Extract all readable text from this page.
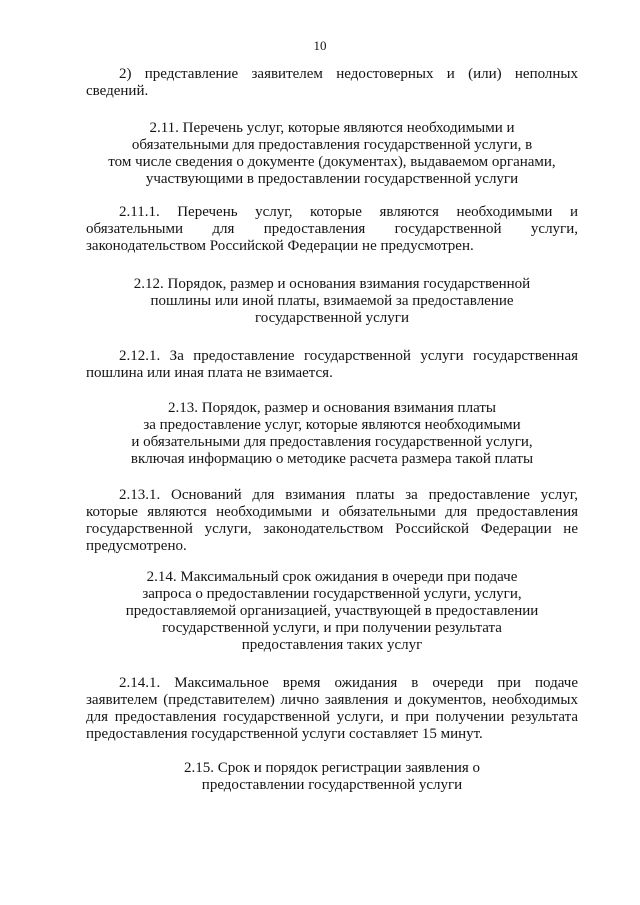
10

2) представление заявителем недостоверных и (или) неполных
сведений.

2.11. Перечень услуг, которые являются необходимыми и
обязательными для предоставления государственной услуги, в
том числе сведения о документе (документах), выдаваемом органами,
участвующими в предоставлении государственной услуги
2.11.1. Перечень услуг, которые являются необходимыми и
обязательными для предоставления государственной услуги,
законодательством Российской Федерации не предусмотрен.
2.12. Порядок, размер и основания взимания государственной
пошлины или иной платы, взимаемой за предоставление
государственной услуги
2.12.1. За предоставление государственной услуги государственная
пошлина или иная плата не взимается.
2.13. Порядок, размер и основания взимания платы
за предоставление услуг, которые являются необходимыми
и обязательными для предоставления государственной услуги,
включая информацию о методике расчета размера такой платы
2.13.1. Оснований для взимания платы за предоставление услуг,
которые являются необходимыми и обязательными для предоставления
государственной услуги, законодательством Российской Федерации не
предусмотрено.
2.14. Максимальный срок ожидания в очереди при подаче
запроса о предоставлении государственной услуги, услуги,
предоставляемой организацией, участвующей в предоставлении
государственной услуги, и при получении результата
предоставления таких услуг
2.14.1. Максимальное время ожидания в очереди при подаче
заявителем (представителем) лично заявления и документов, необходимых
для предоставления государственной услуги, и при получении результата
предоставления государственной услуги составляет 15 минут.
2.15. Срок и порядок регистрации заявления о
предоставлении государственной услуги
